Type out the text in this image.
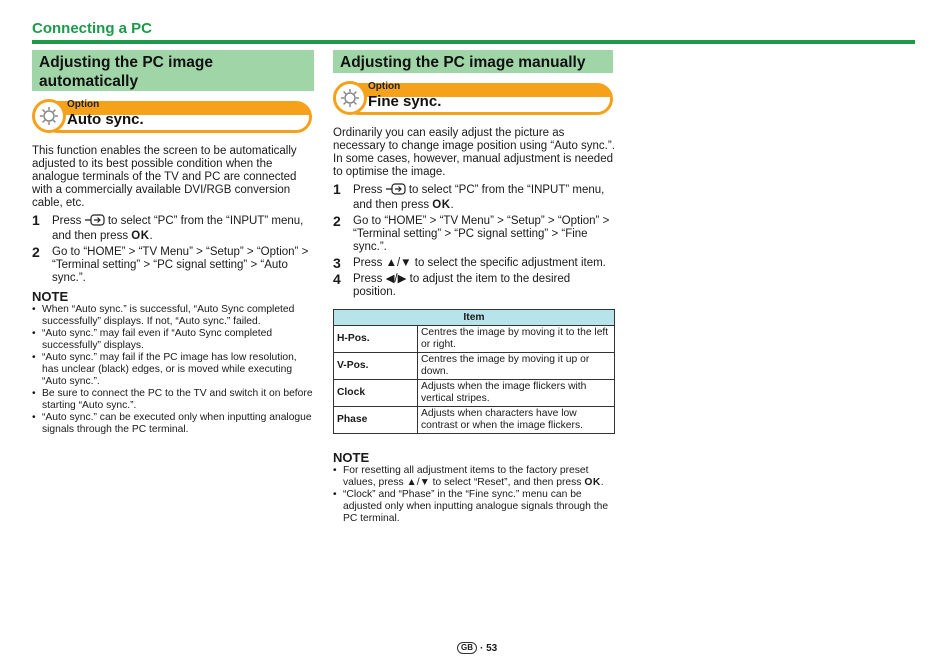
Connecting a PC
Adjusting the PC image automatically
Option
Auto sync.
This function enables the screen to be automatically adjusted to its best possible condition when the analogue terminals of the TV and PC are connected with a commercially available DVI/RGB conversion cable, etc.
1	Press to select “PC” from the “INPUT” menu, and then press OK.
2	Go to “HOME” > “TV Menu” > “Setup” > “Option” > “Terminal setting” > “PC signal setting” > “Auto sync.”.
NOTE
• When “Auto sync.” is successful, “Auto Sync completed successfully” displays. If not, “Auto sync.” failed.
• “Auto sync.” may fail even if “Auto Sync completed successfully” displays.
• “Auto sync.” may fail if the PC image has low resolution, has unclear (black) edges, or is moved while executing “Auto sync.”.
• Be sure to connect the PC to the TV and switch it on before starting “Auto sync.”.
• “Auto sync.” can be executed only when inputting analogue signals through the PC terminal.
Adjusting the PC image manually
Option
Fine sync.
Ordinarily you can easily adjust the picture as necessary to change image position using “Auto sync.”. In some cases, however, manual adjustment is needed to optimise the image.
1	Press to select “PC” from the “INPUT” menu, and then press OK.
2	Go to “HOME” > “TV Menu” > “Setup” > “Option” > “Terminal setting” > “PC signal setting” > “Fine sync.”.
3	Press ▲/▼ to select the specific adjustment item.
4	Press ◀/▶ to adjust the item to the desired position.
Item	
H-Pos.	Centres the image by moving it to the left or right.
V-Pos.	Centres the image by moving it up or down.
Clock	Adjusts when the image flickers with vertical stripes.
Phase	Adjusts when characters have low contrast or when the image flickers.
NOTE
• For resetting all adjustment items to the factory preset values, press ▲/▼ to select “Reset”, and then press OK.
• “Clock” and “Phase” in the “Fine sync.” menu can be adjusted only when inputting analogue signals through the PC terminal.
GB · 53
